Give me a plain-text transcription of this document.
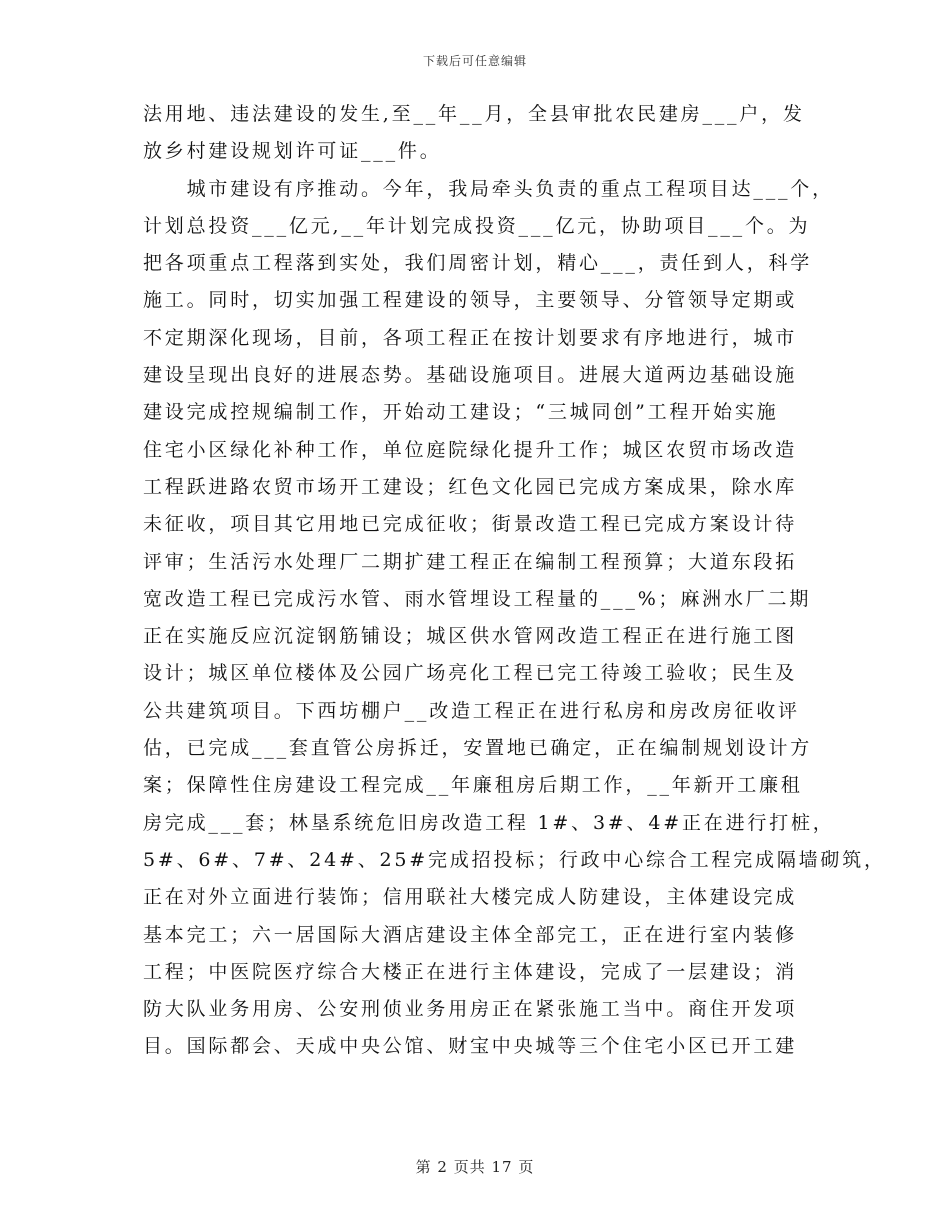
下载后可任意编辑
法用地、违法建设的发生,至__年__月，全县审批农民建房___户，发
放乡村建设规划许可证___件。
　　城市建设有序推动。今年，我局牵头负责的重点工程项目达___个，
计划总投资___亿元,__年计划完成投资___亿元，协助项目___个。为
把各项重点工程落到实处，我们周密计划，精心___，责任到人，科学
施工。同时，切实加强工程建设的领导，主要领导、分管领导定期或
不定期深化现场，目前，各项工程正在按计划要求有序地进行，城市
建设呈现出良好的进展态势。基础设施项目。进展大道两边基础设施
建设完成控规编制工作，开始动工建设；“三城同创”工程开始实施
住宅小区绿化补种工作，单位庭院绿化提升工作；城区农贸市场改造
工程跃进路农贸市场开工建设；红色文化园已完成方案成果，除水库
未征收，项目其它用地已完成征收；街景改造工程已完成方案设计待
评审；生活污水处理厂二期扩建工程正在编制工程预算；大道东段拓
宽改造工程已完成污水管、雨水管埋设工程量的___%；麻洲水厂二期
正在实施反应沉淀钢筋铺设；城区供水管网改造工程正在进行施工图
设计；城区单位楼体及公园广场亮化工程已完工待竣工验收；民生及
公共建筑项目。下西坊棚户__改造工程正在进行私房和房改房征收评
估，已完成___套直管公房拆迁，安置地已确定，正在编制规划设计方
案；保障性住房建设工程完成__年廉租房后期工作，__年新开工廉租
房完成___套；林垦系统危旧房改造工程 1#、3#、4#正在进行打桩，
5#、6#、7#、24#、25#完成招投标；行政中心综合工程完成隔墙砌筑，
正在对外立面进行装饰；信用联社大楼完成人防建设，主体建设完成
基本完工；六一居国际大酒店建设主体全部完工，正在进行室内装修
工程；中医院医疗综合大楼正在进行主体建设，完成了一层建设；消
防大队业务用房、公安刑侦业务用房正在紧张施工当中。商住开发项
目。国际都会、天成中央公馆、财宝中央城等三个住宅小区已开工建
第 2 页共 17 页
